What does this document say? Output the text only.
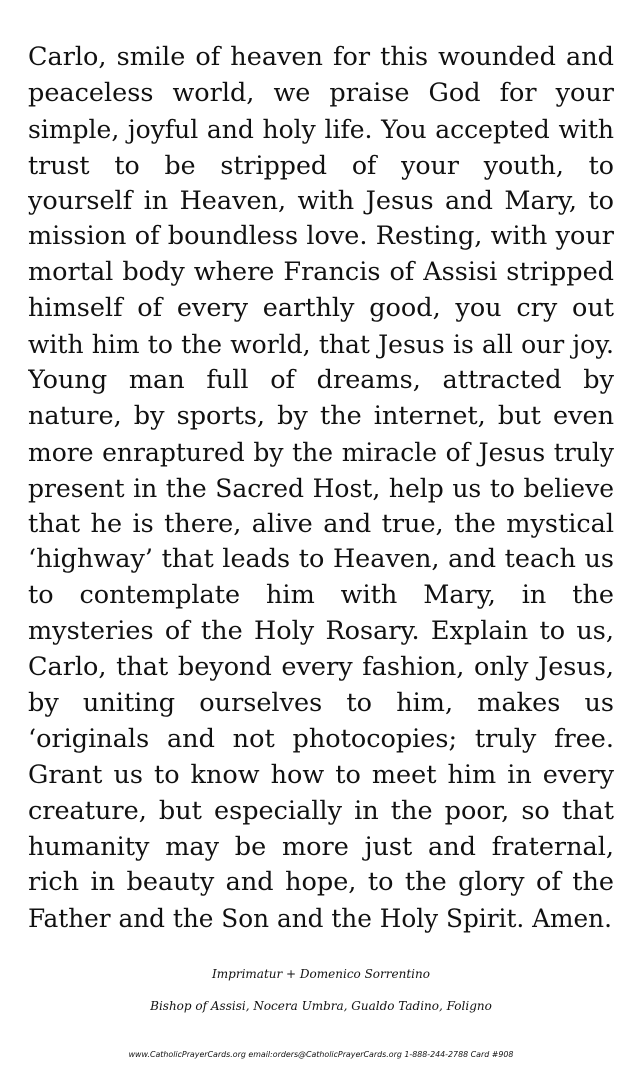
Carlo, smile of heaven for this wounded and
peaceless world, we praise God for your
simple, joyful and holy life. You accepted with
trust to be stripped of your youth, to
yourself in Heaven, with Jesus and Mary, to
mission of boundless love. Resting, with your
mortal body where Francis of Assisi stripped
himself of every earthly good, you cry out
with him to the world, that Jesus is all our joy.
Young man full of dreams, attracted by
nature, by sports, by the internet, but even
more enraptured by the miracle of Jesus truly
present in the Sacred Host, help us to believe
that he is there, alive and true, the mystical
‘highway’ that leads to Heaven, and teach us
to contemplate him with Mary, in the
mysteries of the Holy Rosary. Explain to us,
Carlo, that beyond every fashion, only Jesus,
by uniting ourselves to him, makes us
‘originals and not photocopies; truly free.
Grant us to know how to meet him in every
creature, but especially in the poor, so that
humanity may be more just and fraternal,
rich in beauty and hope, to the glory of the
Father and the Son and the Holy Spirit. Amen.
Imprimatur + Domenico Sorrentino
Bishop of Assisi, Nocera Umbra, Gualdo Tadino, Foligno
www.CatholicPrayerCards.org email:orders@CatholicPrayerCards.org 1-888-244-2788 Card #908
